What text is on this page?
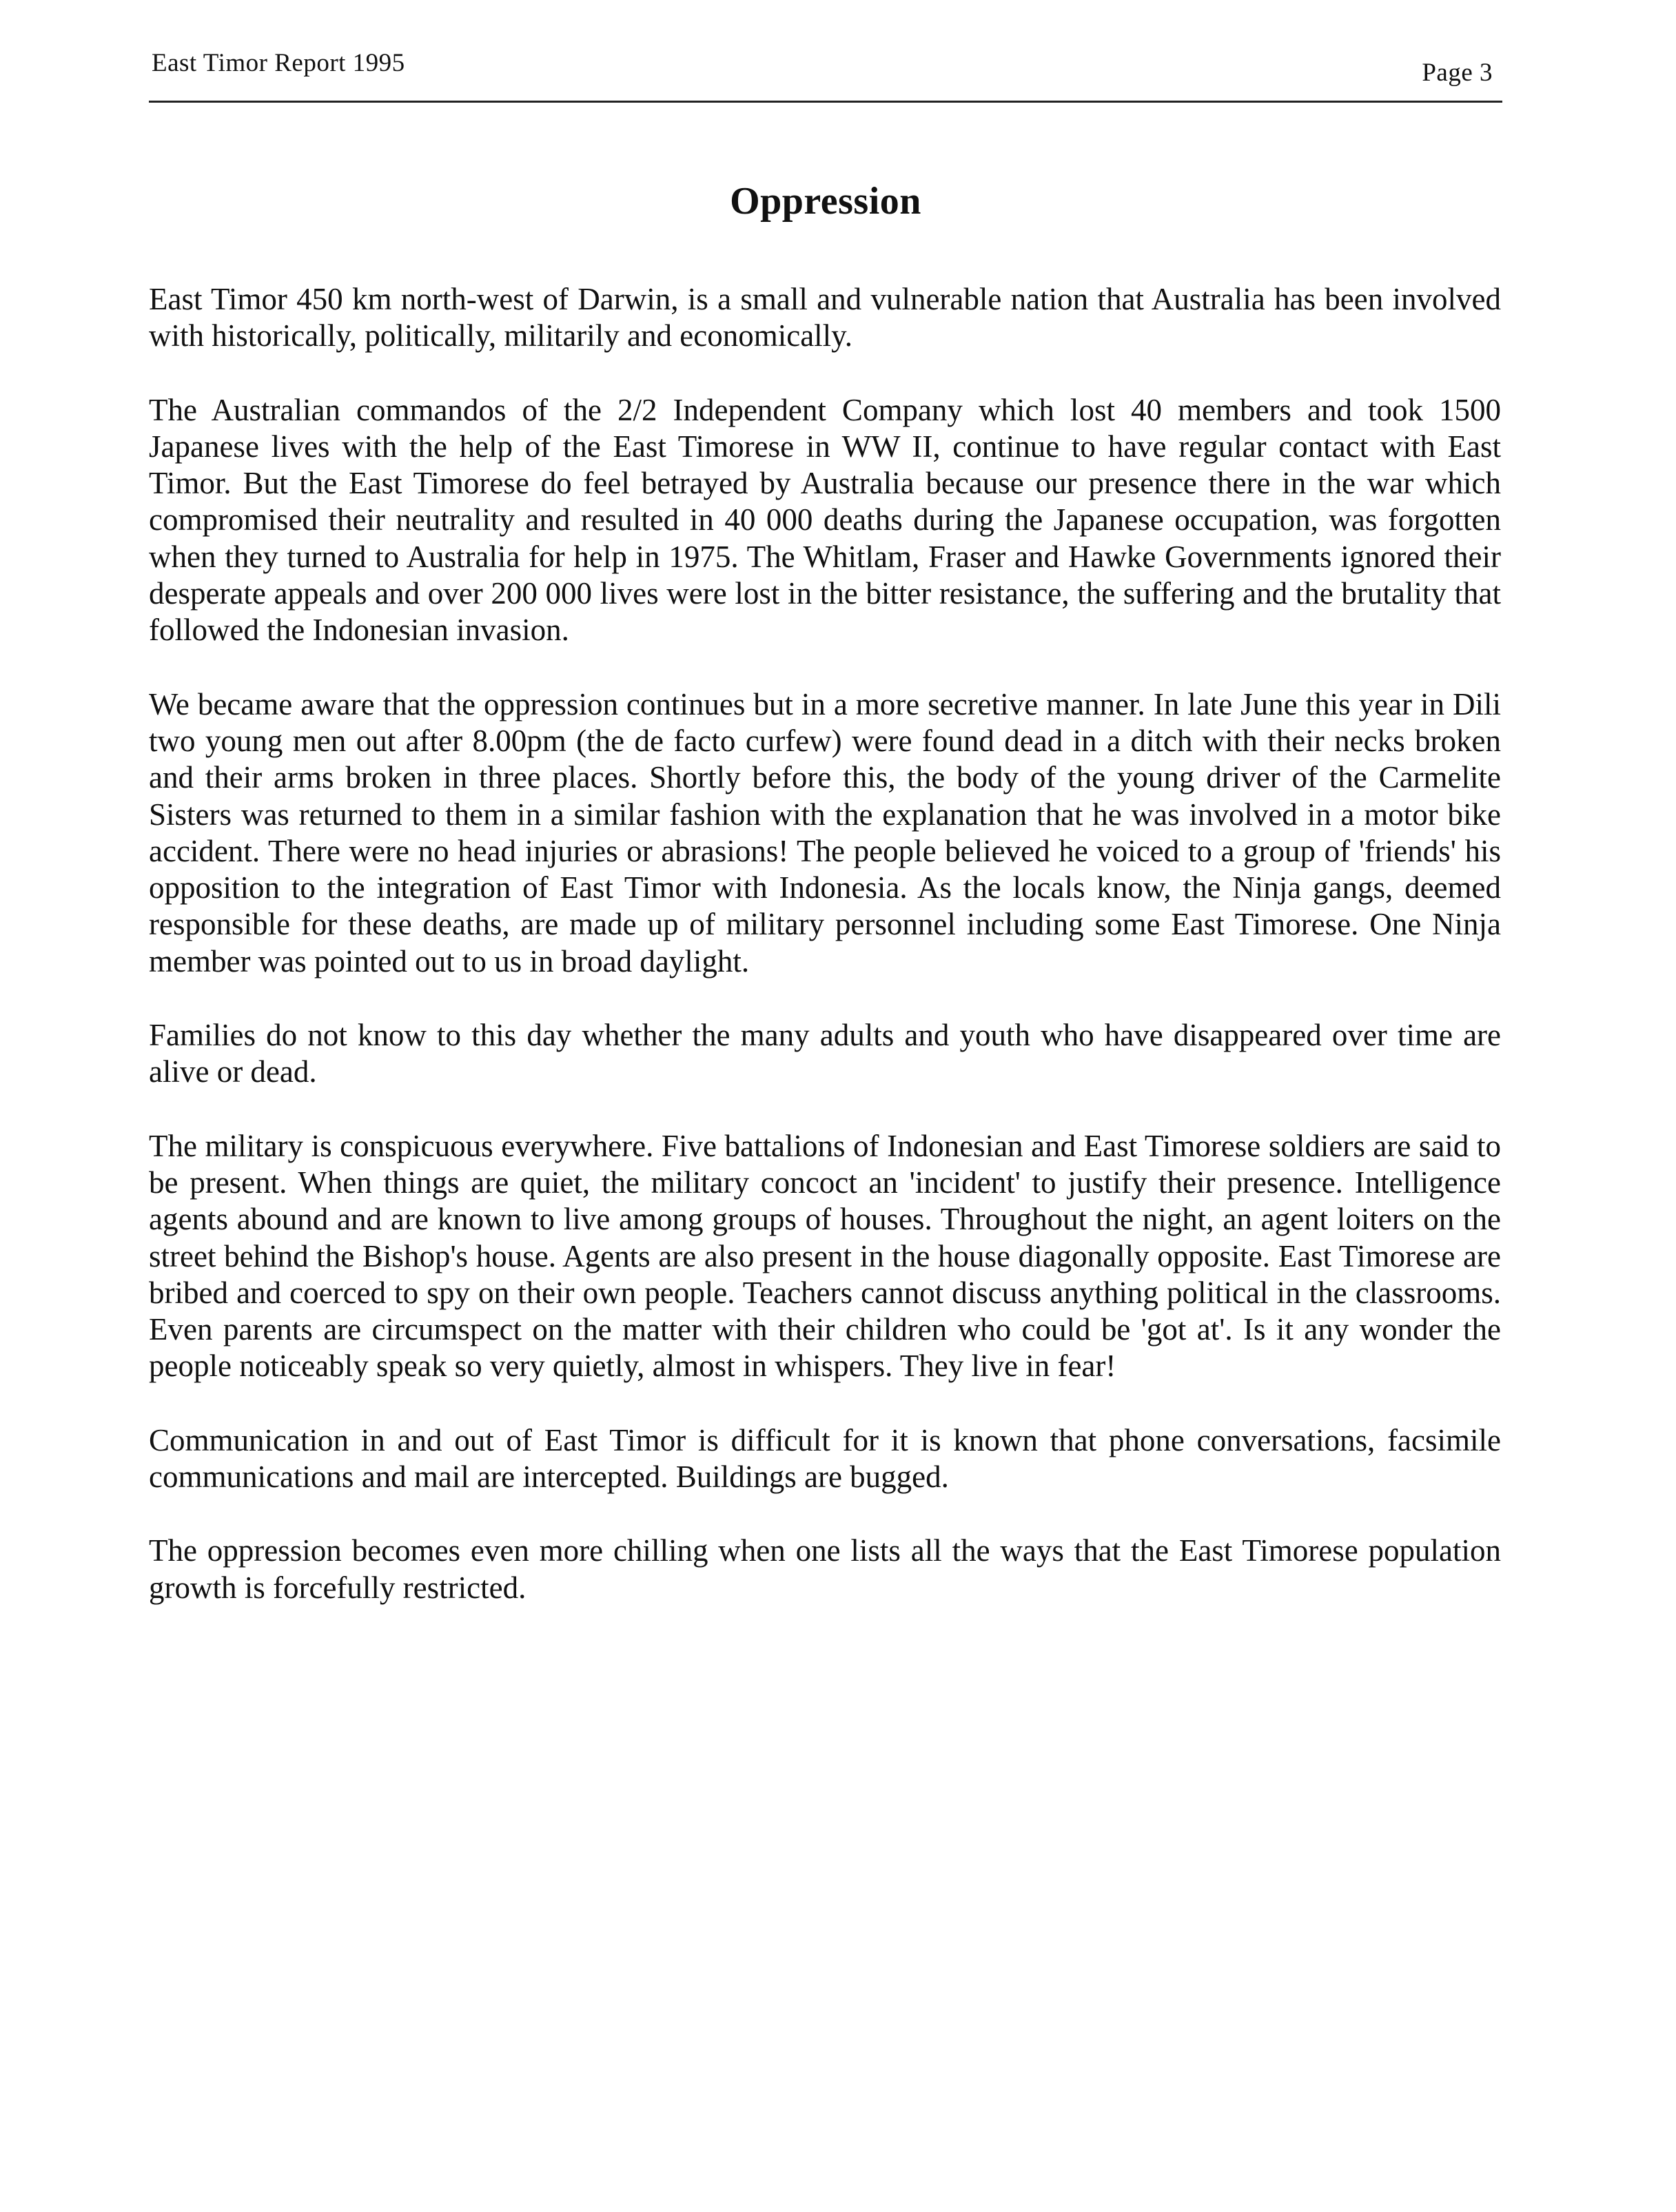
East Timor Report 1995	Page 3
Oppression

East Timor 450 km north-west of Darwin, is a small and vulnerable nation that Australia has been involved with historically, politically, militarily and economically.

The Australian commandos of the 2/2 Independent Company which lost 40 members and took 1500 Japanese lives with the help of the East Timorese in WW II, continue to have regular contact with East Timor. But the East Timorese do feel betrayed by Australia because our presence there in the war which compromised their neutrality and resulted in 40 000 deaths during the Japanese occupation, was forgotten when they turned to Australia for help in 1975. The Whitlam, Fraser and Hawke Governments ignored their desperate appeals and over 200 000 lives were lost in the bitter resistance, the suffering and the brutality that followed the Indonesian invasion.

We became aware that the oppression continues but in a more secretive manner. In late June this year in Dili two young men out after 8.00pm (the de facto curfew) were found dead in a ditch with their necks broken and their arms broken in three places. Shortly before this, the body of the young driver of the Carmelite Sisters was returned to them in a similar fashion with the explanation that he was involved in a motor bike accident. There were no head injuries or abrasions! The people believed he voiced to a group of 'friends' his opposition to the integration of East Timor with Indonesia. As the locals know, the Ninja gangs, deemed responsible for these deaths, are made up of military personnel including some East Timorese. One Ninja member was pointed out to us in broad daylight.

Families do not know to this day whether the many adults and youth who have disappeared over time are alive or dead.

The military is conspicuous everywhere. Five battalions of Indonesian and East Timorese soldiers are said to be present. When things are quiet, the military concoct an 'incident' to justify their presence. Intelligence agents abound and are known to live among groups of houses. Throughout the night, an agent loiters on the street behind the Bishop's house. Agents are also present in the house diagonally opposite. East Timorese are bribed and coerced to spy on their own people. Teachers cannot discuss anything political in the classrooms. Even parents are circumspect on the matter with their children who could be 'got at'. Is it any wonder the people noticeably speak so very quietly, almost in whispers. They live in fear!

Communication in and out of East Timor is difficult for it is known that phone conversations, facsimile communications and mail are intercepted. Buildings are bugged.

The oppression becomes even more chilling when one lists all the ways that the East Timorese population growth is forcefully restricted.
